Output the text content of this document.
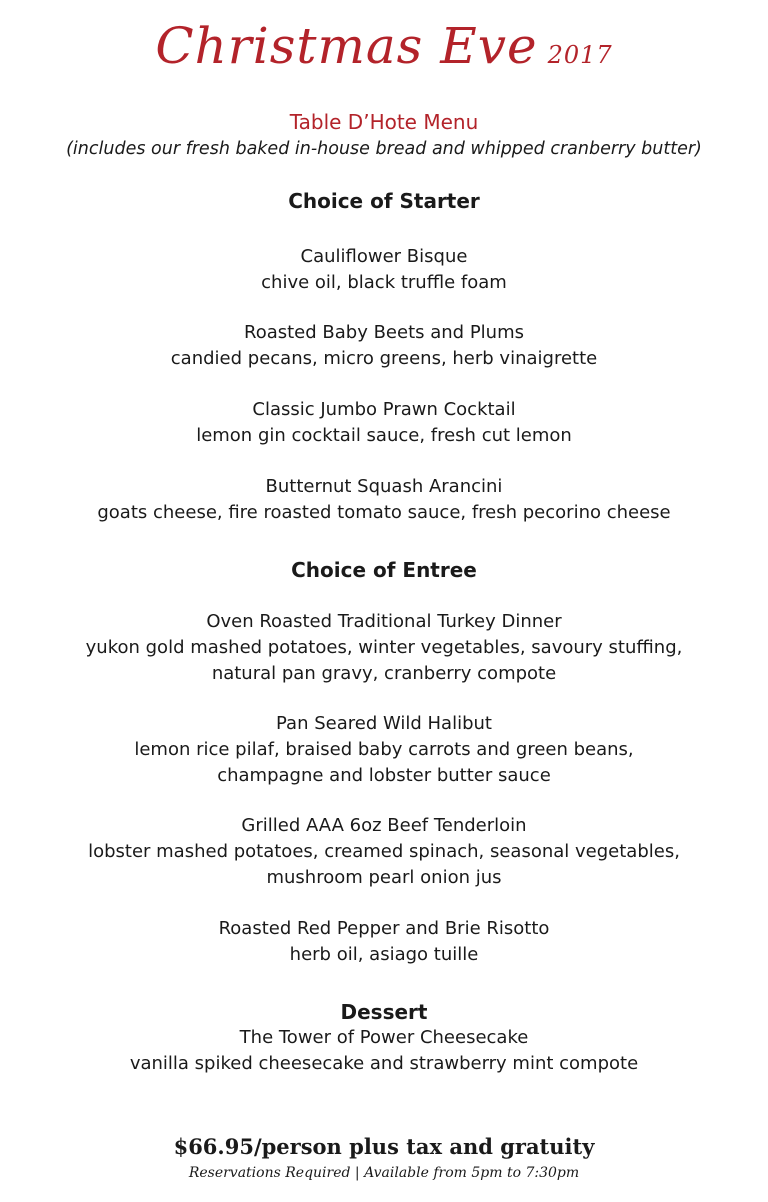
Christmas Eve 2017
Table D’Hote Menu
(includes our fresh baked in-house bread and whipped cranberry butter)
Choice of Starter
Cauliflower Bisque
chive oil, black truffle foam
Roasted Baby Beets and Plums
candied pecans, micro greens, herb vinaigrette
Classic Jumbo Prawn Cocktail
lemon gin cocktail sauce, fresh cut lemon
Butternut Squash Arancini
goats cheese, fire roasted tomato sauce, fresh pecorino cheese
Choice of Entree
Oven Roasted Traditional Turkey Dinner
yukon gold mashed potatoes, winter vegetables, savoury stuffing,
natural pan gravy, cranberry compote
Pan Seared Wild Halibut
lemon rice pilaf, braised baby carrots and green beans,
champagne and lobster butter sauce
Grilled AAA 6oz Beef Tenderloin
lobster mashed potatoes, creamed spinach, seasonal vegetables,
mushroom pearl onion jus
Roasted Red Pepper and Brie Risotto
herb oil, asiago tuille
Dessert
The Tower of Power Cheesecake
vanilla spiked cheesecake and strawberry mint compote
$66.95/person plus tax and gratuity
Reservations Required | Available from 5pm to 7:30pm
